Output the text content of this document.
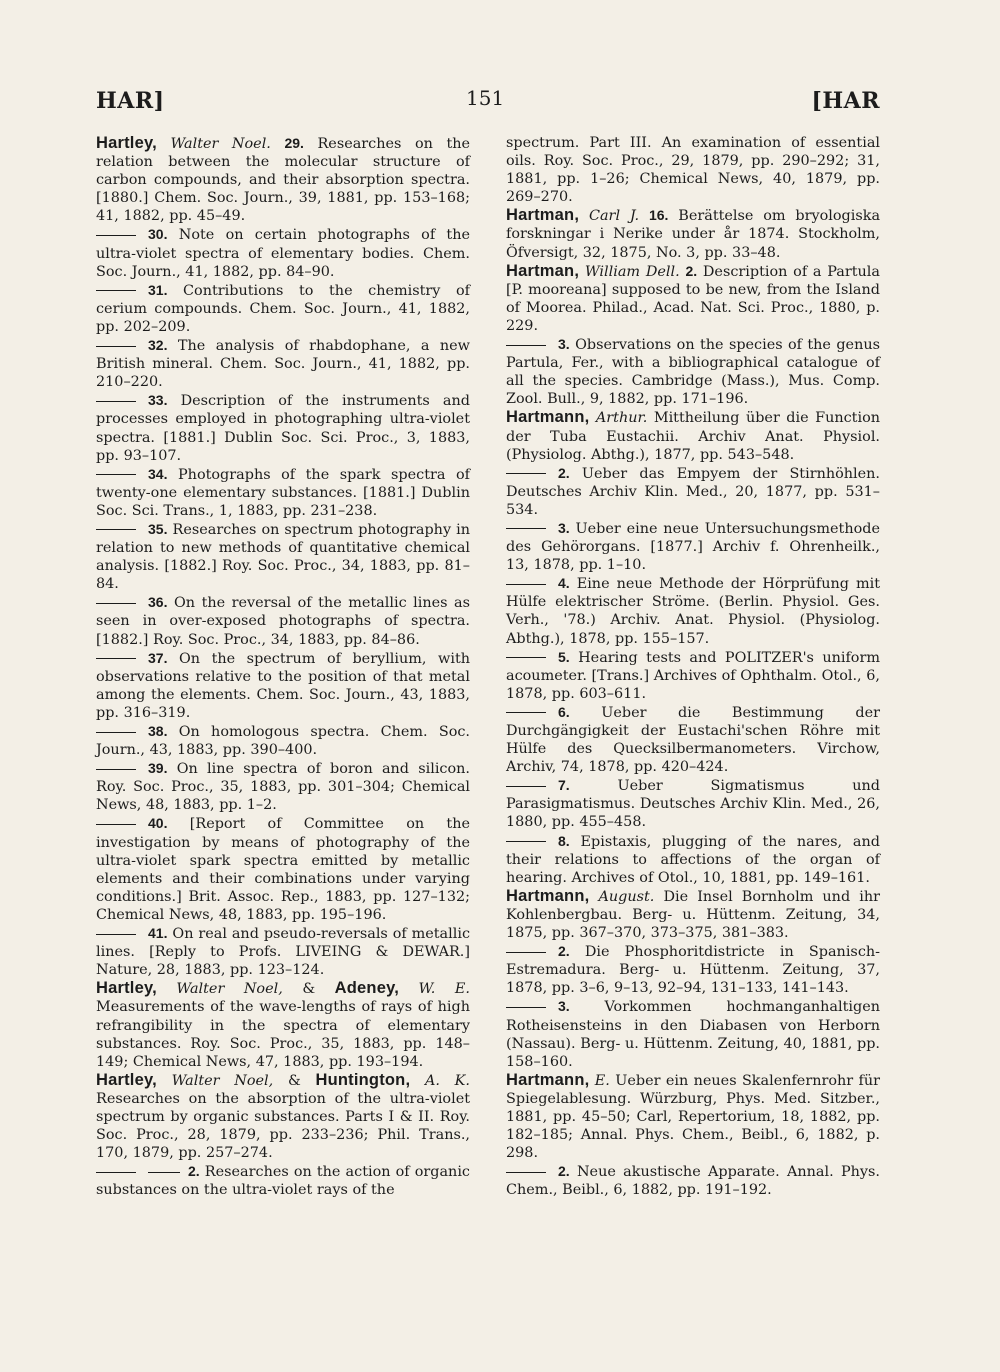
HAR]	151	[HAR

Hartley, Walter Noel. 29. Researches on the relation between the molecular structure of carbon compounds, and their absorption spectra. [1880.] Chem. Soc. Journ., 39, 1881, pp. 153–168; 41, 1882, pp. 45–49.

30. Note on certain photographs of the ultra-violet spectra of elementary bodies. Chem. Soc. Journ., 41, 1882, pp. 84–90.

31. Contributions to the chemistry of cerium compounds. Chem. Soc. Journ., 41, 1882, pp. 202–209.

32. The analysis of rhabdophane, a new British mineral. Chem. Soc. Journ., 41, 1882, pp. 210–220.

33. Description of the instruments and processes employed in photographing ultra-violet spectra. [1881.] Dublin Soc. Sci. Proc., 3, 1883, pp. 93–107.

34. Photographs of the spark spectra of twenty-one elementary substances. [1881.] Dublin Soc. Sci. Trans., 1, 1883, pp. 231–238.

35. Researches on spectrum photography in relation to new methods of quantitative chemical analysis. [1882.] Roy. Soc. Proc., 34, 1883, pp. 81–84.

36. On the reversal of the metallic lines as seen in over-exposed photographs of spectra. [1882.] Roy. Soc. Proc., 34, 1883, pp. 84–86.

37. On the spectrum of beryllium, with observations relative to the position of that metal among the elements. Chem. Soc. Journ., 43, 1883, pp. 316–319.

38. On homologous spectra. Chem. Soc. Journ., 43, 1883, pp. 390–400.

39. On line spectra of boron and silicon. Roy. Soc. Proc., 35, 1883, pp. 301–304; Chemical News, 48, 1883, pp. 1–2.

40. [Report of Committee on the investigation by means of photography of the ultra-violet spark spectra emitted by metallic elements and their combinations under varying conditions.] Brit. Assoc. Rep., 1883, pp. 127–132; Chemical News, 48, 1883, pp. 195–196.

41. On real and pseudo-reversals of metallic lines. [Reply to Profs. LIVEING & DEWAR.] Nature, 28, 1883, pp. 123–124.

Hartley, Walter Noel, & Adeney, W. E. Measurements of the wave-lengths of rays of high refrangibility in the spectra of elementary substances. Roy. Soc. Proc., 35, 1883, pp. 148–149; Chemical News, 47, 1883, pp. 193–194.

Hartley, Walter Noel, & Huntington, A. K. Researches on the absorption of the ultra-violet spectrum by organic substances. Parts I & II. Roy. Soc. Proc., 28, 1879, pp. 233–236; Phil. Trans., 170, 1879, pp. 257–274.

2. Researches on the action of organic substances on the ultra-violet rays of the

spectrum. Part III. An examination of essential oils. Roy. Soc. Proc., 29, 1879, pp. 290–292; 31, 1881, pp. 1–26; Chemical News, 40, 1879, pp. 269–270.

Hartman, Carl J. 16. Berättelse om bryologiska forskningar i Nerike under år 1874. Stockholm, Öfversigt, 32, 1875, No. 3, pp. 33–48.

Hartman, William Dell. 2. Description of a Partula [P. mooreana] supposed to be new, from the Island of Moorea. Philad., Acad. Nat. Sci. Proc., 1880, p. 229.

3. Observations on the species of the genus Partula, Fer., with a bibliographical catalogue of all the species. Cambridge (Mass.), Mus. Comp. Zool. Bull., 9, 1882, pp. 171–196.

Hartmann, Arthur. Mittheilung über die Function der Tuba Eustachii. Archiv Anat. Physiol. (Physiolog. Abthg.), 1877, pp. 543–548.

2. Ueber das Empyem der Stirnhöhlen. Deutsches Archiv Klin. Med., 20, 1877, pp. 531–534.

3. Ueber eine neue Untersuchungsmethode des Gehörorgans. [1877.] Archiv f. Ohrenheilk., 13, 1878, pp. 1–10.

4. Eine neue Methode der Hörprüfung mit Hülfe elektrischer Ströme. (Berlin. Physiol. Ges. Verh., '78.) Archiv. Anat. Physiol. (Physiolog. Abthg.), 1878, pp. 155–157.

5. Hearing tests and POLITZER's uniform acoumeter. [Trans.] Archives of Ophthalm. Otol., 6, 1878, pp. 603–611.

6. Ueber die Bestimmung der Durchgängigkeit der Eustachi'schen Röhre mit Hülfe des Quecksilbermanometers. Virchow, Archiv, 74, 1878, pp. 420–424.

7.	Ueber Sigmatismus und Parasigmatismus. Deutsches Archiv Klin. Med., 26, 1880, pp. 455–458.

8. Epistaxis, plugging of the nares, and their relations to affections of the organ of hearing. Archives of Otol., 10, 1881, pp. 149–161.

Hartmann, August. Die Insel Bornholm und ihr Kohlenbergbau. Berg- u. Hüttenm. Zeitung, 34, 1875, pp. 367–370, 373–375, 381–383.

2. Die Phosphoritdistricte in Spanisch-Estremadura. Berg- u. Hüttenm. Zeitung, 37, 1878, pp. 3–6, 9–13, 92–94, 131–133, 141–143.

3. Vorkommen hochmanganhaltigen Rotheisensteins in den Diabasen von Herborn (Nassau). Berg- u. Hüttenm. Zeitung, 40, 1881, pp. 158–160.

Hartmann, E. Ueber ein neues Skalenfernrohr für Spiegelablesung. Würzburg, Phys. Med. Sitzber., 1881, pp. 45–50; Carl, Repertorium, 18, 1882, pp. 182–185; Annal. Phys. Chem., Beibl., 6, 1882, p. 298.

2. Neue akustische Apparate. Annal. Phys. Chem., Beibl., 6, 1882, pp. 191–192.
